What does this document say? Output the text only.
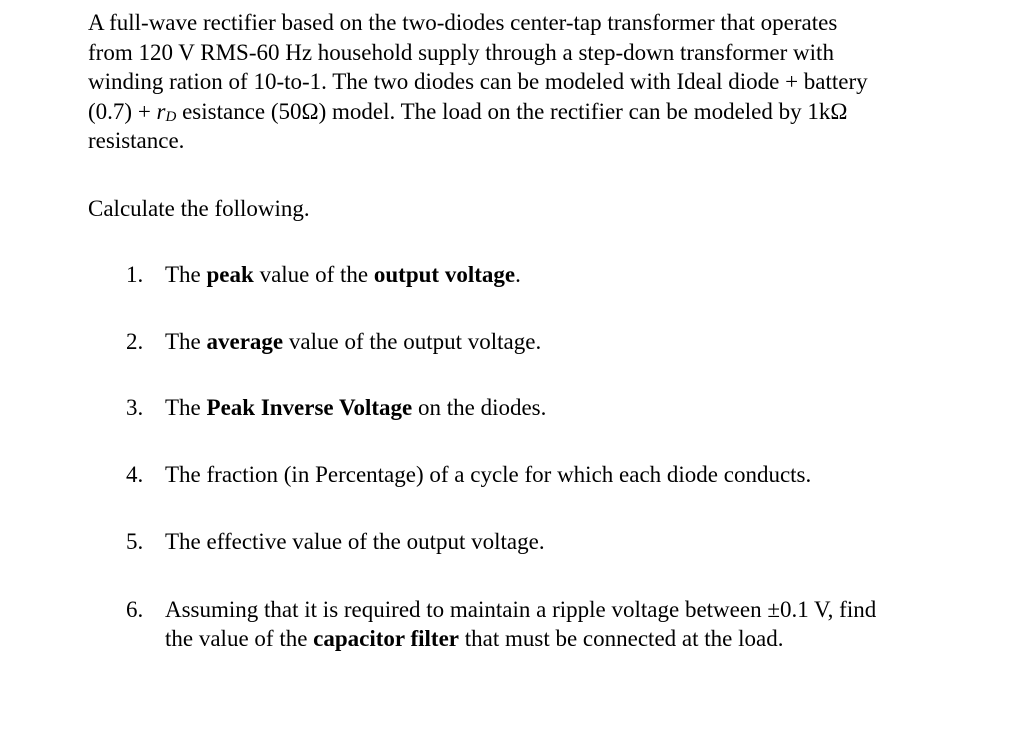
A full-wave rectifier based on the two-diodes center-tap transformer that operates
from 120 V RMS-60 Hz household supply through a step-down transformer with
winding ration of 10-to-1. The two diodes can be modeled with Ideal diode + battery
$(0.7) + r_D$ esistance (50Ω) model. The load on the rectifier can be modeled by 1kΩ
resistance.

Calculate the following.

1. The peak value of the output voltage.
2. The average value of the output voltage.
3. The Peak Inverse Voltage on the diodes.
4. The fraction (in Percentage) of a cycle for which each diode conducts.
5. The effective value of the output voltage.
6. Assuming that it is required to maintain a ripple voltage between ±0.1 V, find
the value of the capacitor filter that must be connected at the load.
